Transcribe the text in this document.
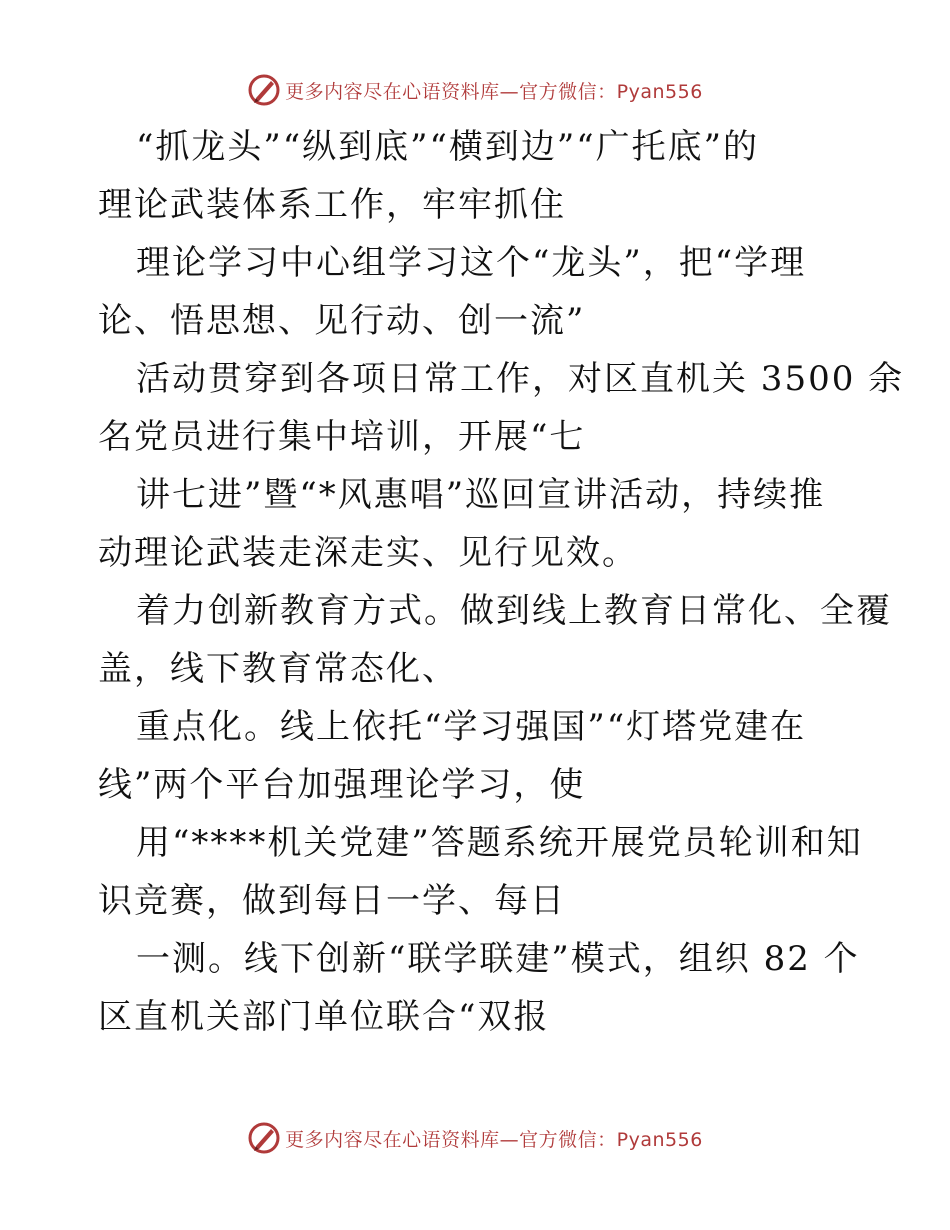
更多内容尽在心语资料库—官方微信：Pyan556
“抓龙头”“纵到底”“横到边”“广托底”的
理论武装体系工作，牢牢抓住
理论学习中心组学习这个“龙头”，把“学理
论、悟思想、见行动、创一流”
活动贯穿到各项日常工作，对区直机关 3500 余
名党员进行集中培训，开展“七
讲七进”暨“*风惠唱”巡回宣讲活动，持续推
动理论武装走深走实、见行见效。
着力创新教育方式。做到线上教育日常化、全覆
盖，线下教育常态化、
重点化。线上依托“学习强国”“灯塔党建在
线”两个平台加强理论学习，使
用“****机关党建”答题系统开展党员轮训和知
识竞赛，做到每日一学、每日
一测。线下创新“联学联建”模式，组织 82 个
区直机关部门单位联合“双报
更多内容尽在心语资料库—官方微信：Pyan556
